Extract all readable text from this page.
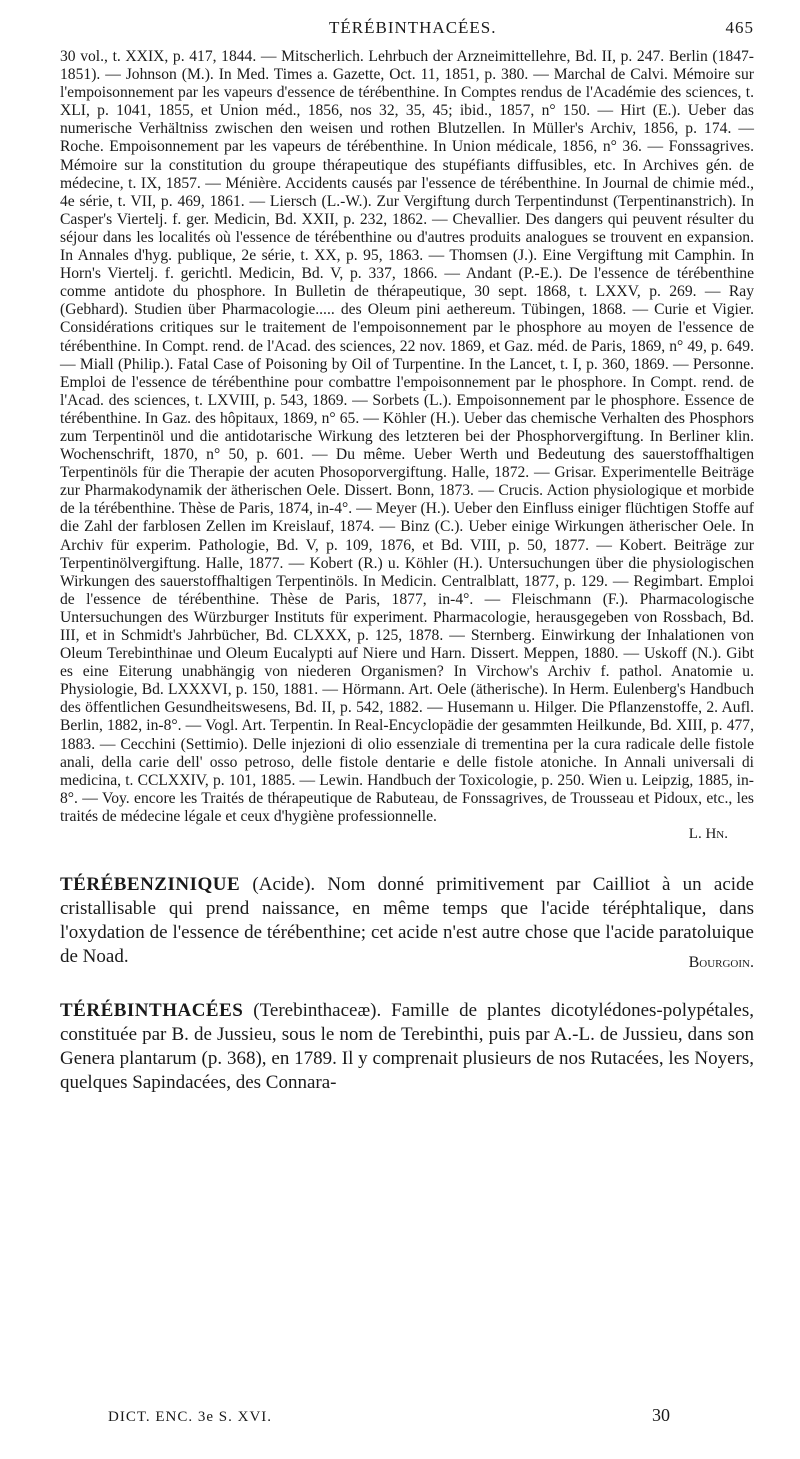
TÉRÉBINTHACÉES.	465

30 vol., t. XXIX, p. 417, 1844. — Mitscherlich. Lehrbuch der Arzneimittellehre, Bd. II, p. 247. Berlin (1847-1851). — Johnson (M.). In Med. Times a. Gazette, Oct. 11, 1851, p. 380. — Marchal de Calvi. Mémoire sur l'empoisonnement par les vapeurs d'essence de térébenthine. In Comptes rendus de l'Académie des sciences, t. XLI, p. 1041, 1855, et Union méd., 1856, nos 32, 35, 45; ibid., 1857, n° 150. — Hirt (E.). Ueber das numerische Verhältniss zwischen den weisen und rothen Blutzellen. In Müller's Archiv, 1856, p. 174. — Roche. Empoisonnement par les vapeurs de térébenthine. In Union médicale, 1856, n° 36. — Fonssagrives. Mémoire sur la constitution du groupe thérapeutique des stupéfiants diffusibles, etc. In Archives gén. de médecine, t. IX, 1857. — Ménière. Accidents causés par l'essence de térébenthine. In Journal de chimie méd., 4e série, t. VII, p. 469, 1861. — Liersch (L.-W.). Zur Vergiftung durch Terpentindunst (Terpentinanstrich). In Casper's Viertelj. f. ger. Medicin, Bd. XXII, p. 232, 1862. — Chevallier. Des dangers qui peuvent résulter du séjour dans les localités où l'essence de térébenthine ou d'autres produits analogues se trouvent en expansion. In Annales d'hyg. publique, 2e série, t. XX, p. 95, 1863. — Thomsen (J.). Eine Vergiftung mit Camphin. In Horn's Viertelj. f. gerichtl. Medicin, Bd. V, p. 337, 1866. — Andant (P.-E.). De l'essence de térébenthine comme antidote du phosphore. In Bulletin de thérapeutique, 30 sept. 1868, t. LXXV, p. 269. — Ray (Gebhard). Studien über Pharmacologie..... des Oleum pini aethereum. Tübingen, 1868. — Curie et Vigier. Considérations critiques sur le traitement de l'empoisonnement par le phosphore au moyen de l'essence de térébenthine. In Compt. rend. de l'Acad. des sciences, 22 nov. 1869, et Gaz. méd. de Paris, 1869, n° 49, p. 649. — Miall (Philip.). Fatal Case of Poisoning by Oil of Turpentine. In the Lancet, t. I, p. 360, 1869. — Personne. Emploi de l'essence de térébenthine pour combattre l'empoisonnement par le phosphore. In Compt. rend. de l'Acad. des sciences, t. LXVIII, p. 543, 1869. — Sorbets (L.). Empoisonnement par le phosphore. Essence de térébenthine. In Gaz. des hôpitaux, 1869, n° 65. — Köhler (H.). Ueber das chemische Verhalten des Phosphors zum Terpentinöl und die antidotarische Wirkung des letzteren bei der Phosphorvergiftung. In Berliner klin. Wochenschrift, 1870, n° 50, p. 601. — Du même. Ueber Werth und Bedeutung des sauerstoffhaltigen Terpentinöls für die Therapie der acuten Phosoporvergiftung. Halle, 1872. — Grisar. Experimentelle Beiträge zur Pharmakodynamik der ätherischen Oele. Dissert. Bonn, 1873. — Crucis. Action physiologique et morbide de la térébenthine. Thèse de Paris, 1874, in-4°. — Meyer (H.). Ueber den Einfluss einiger flüchtigen Stoffe auf die Zahl der farblosen Zellen im Kreislauf, 1874. — Binz (C.). Ueber einige Wirkungen ätherischer Oele. In Archiv für experim. Pathologie, Bd. V, p. 109, 1876, et Bd. VIII, p. 50, 1877. — Kobert. Beiträge zur Terpentinölvergiftung. Halle, 1877. — Kobert (R.) u. Köhler (H.). Untersuchungen über die physiologischen Wirkungen des sauerstoffhaltigen Terpentinöls. In Medicin. Centralblatt, 1877, p. 129. — Regimbart. Emploi de l'essence de térébenthine. Thèse de Paris, 1877, in-4°. — Fleischmann (F.). Pharmacologische Untersuchungen des Würzburger Instituts für experiment. Pharmacologie, herausgegeben von Rossbach, Bd. III, et in Schmidt's Jahrbücher, Bd. CLXXX, p. 125, 1878. — Sternberg. Einwirkung der Inhalationen von Oleum Terebinthinae und Oleum Eucalypti auf Niere und Harn. Dissert. Meppen, 1880. — Uskoff (N.). Gibt es eine Eiterung unabhängig von niederen Organismen? In Virchow's Archiv f. pathol. Anatomie u. Physiologie, Bd. LXXXVI, p. 150, 1881. — Hörmann. Art. Oele (ätherische). In Herm. Eulenberg's Handbuch des öffentlichen Gesundheitswesens, Bd. II, p. 542, 1882. — Husemann u. Hilger. Die Pflanzenstoffe, 2. Aufl. Berlin, 1882, in-8°. — Vogl. Art. Terpentin. In Real-Encyclopädie der gesammten Heilkunde, Bd. XIII, p. 477, 1883. — Cecchini (Settimio). Delle injezioni di olio essenziale di trementina per la cura radicale delle fistole anali, della carie dell' osso petroso, delle fistole dentarie e delle fistole atoniche. In Annali universali di medicina, t. CCLXXIV, p. 101, 1885. — Lewin. Handbuch der Toxicologie, p. 250. Wien u. Leipzig, 1885, in-8°. — Voy. encore les Traités de thérapeutique de Rabuteau, de Fonssagrives, de Trousseau et Pidoux, etc., les traités de médecine légale et ceux d'hygiène professionnelle.

L. Hn.
TÉRÉBENZINIQUE (Acide). Nom donné primitivement par Cailliot à un acide cristallisable qui prend naissance, en même temps que l'acide téréphtalique, dans l'oxydation de l'essence de térébenthine; cet acide n'est autre chose que l'acide paratoluique de Noad.	Bourgoin.
TÉRÉBINTHACÉES (Terebinthaceæ). Famille de plantes dicotylédones-polypétales, constituée par B. de Jussieu, sous le nom de Terebinthi, puis par A.-L. de Jussieu, dans son Genera plantarum (p. 368), en 1789. Il y comprenait plusieurs de nos Rutacées, les Noyers, quelques Sapindacées, des Connara-
DICT. ENC. 3e S. XVI.	30
